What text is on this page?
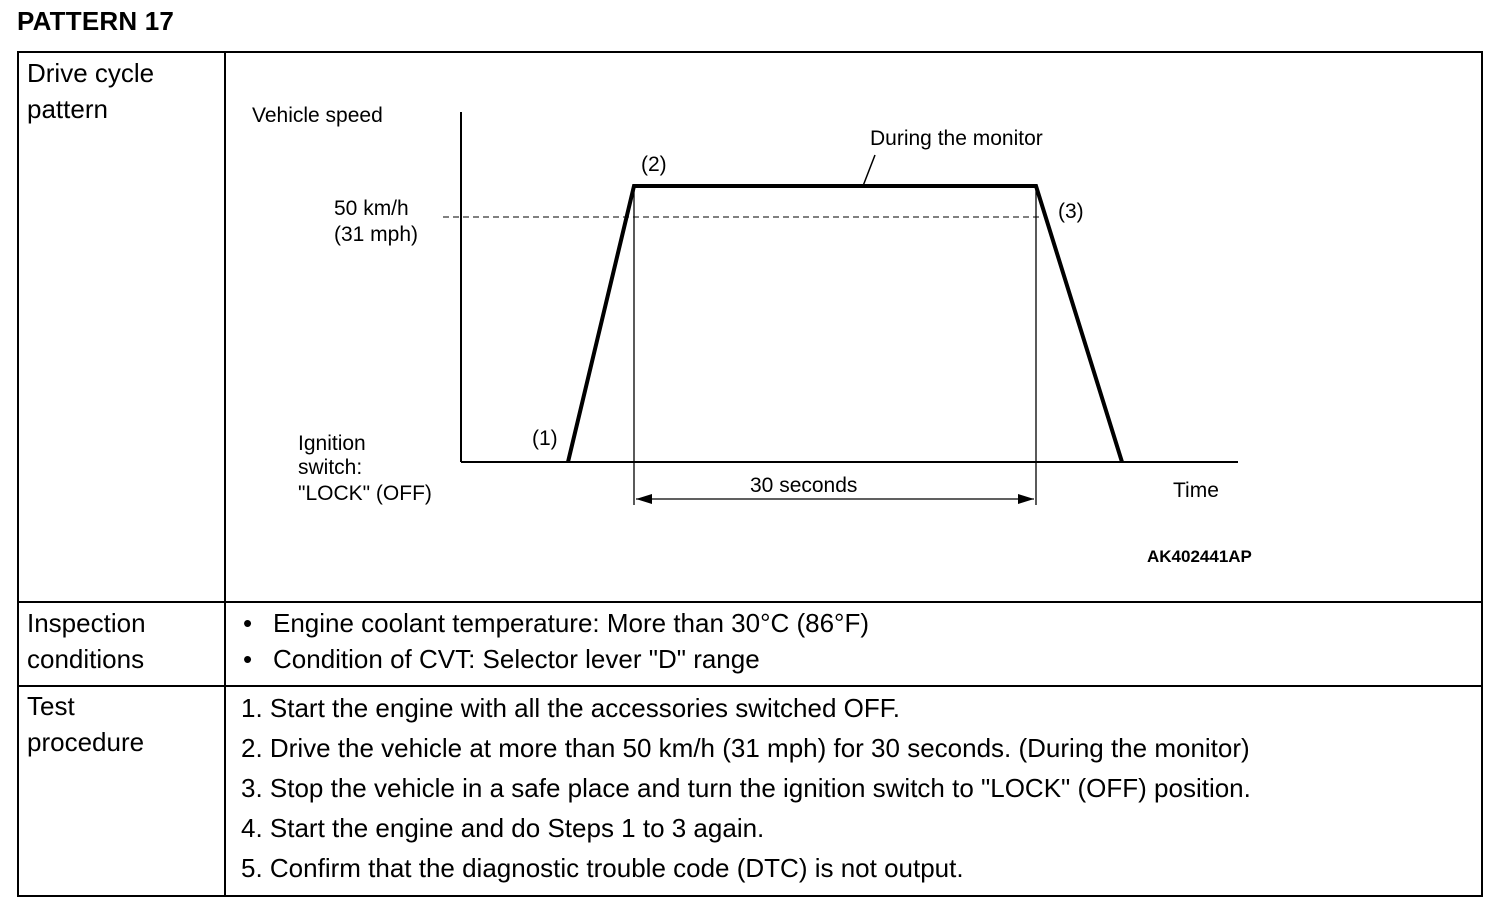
PATTERN 17
Drive cycle
pattern
Inspection
conditions
Test
procedure
• Engine coolant temperature: More than 30°C (86°F)
• Condition of CVT: Selector lever "D" range
1. Start the engine with all the accessories switched OFF.
2. Drive the vehicle at more than 50 km/h (31 mph) for 30 seconds. (During the monitor)
3. Stop the vehicle in a safe place and turn the ignition switch to "LOCK" (OFF) position.
4. Start the engine and do Steps 1 to 3 again.
5. Confirm that the diagnostic trouble code (DTC) is not output.
Vehicle speed
50 km/h
(31 mph)
Ignition
switch:
"LOCK" (OFF)
(1)
(2)
(3)
During the monitor
30 seconds	Time
AK402441AP
